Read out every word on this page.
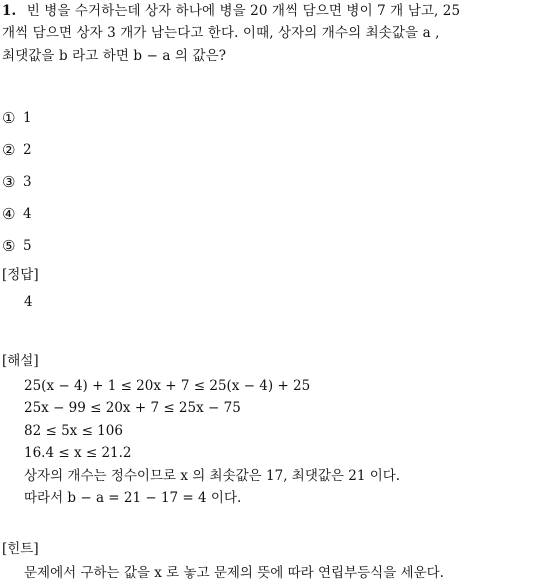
1. 빈 병을 수거하는데 상자 하나에 병을 20 개씩 담으면 병이 7 개 남고, 25
개씩 담으면 상자 3 개가 남는다고 한다. 이때, 상자의 개수의 최솟값을 a ,
최댓값을 b 라고 하면 b − a 의 값은?
① 1
② 2
③ 3
④ 4
⑤ 5
[정답]
4
[해설]
25(x − 4) + 1 ≤ 20x + 7 ≤ 25(x − 4) + 25
25x − 99 ≤ 20x + 7 ≤ 25x − 75
82 ≤ 5x ≤ 106
16.4 ≤ x ≤ 21.2
상자의 개수는 정수이므로 x 의 최솟값은 17, 최댓값은 21 이다.
따라서 b − a = 21 − 17 = 4 이다.
[힌트]
문제에서 구하는 값을 x 로 놓고 문제의 뜻에 따라 연립부등식을 세운다.
